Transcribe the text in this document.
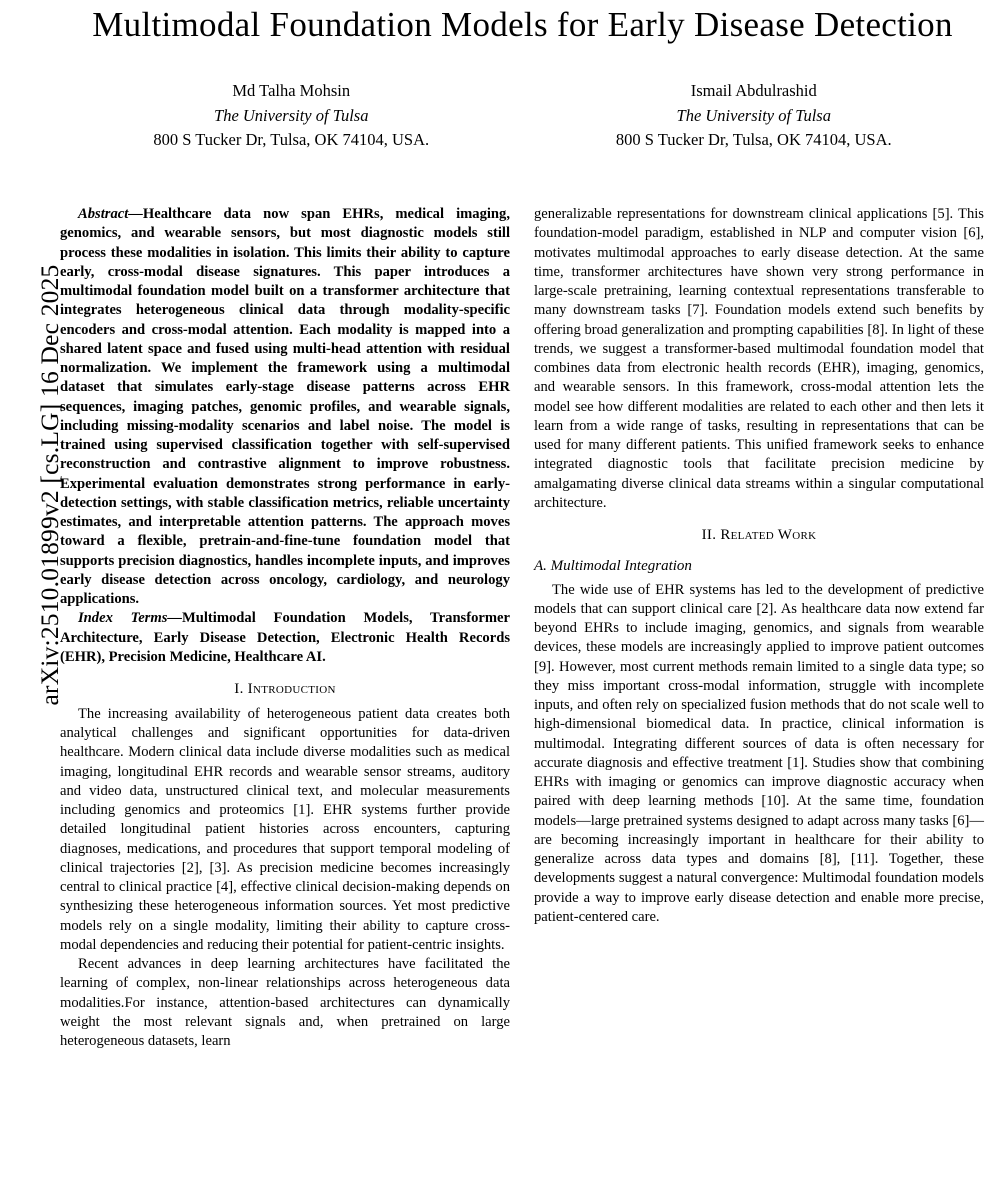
arXiv:2510.01899v2 [cs.LG] 16 Dec 2025
Multimodal Foundation Models for Early Disease Detection
Md Talha Mohsin
The University of Tulsa
800 S Tucker Dr, Tulsa, OK 74104, USA.
Ismail Abdulrashid
The University of Tulsa
800 S Tucker Dr, Tulsa, OK 74104, USA.

Abstract—Healthcare data now span EHRs, medical imaging, genomics, and wearable sensors, but most diagnostic models still process these modalities in isolation. This limits their ability to capture early, cross-modal disease signatures. This paper introduces a multimodal foundation model built on a transformer architecture that integrates heterogeneous clinical data through modality-specific encoders and cross-modal attention. Each modality is mapped into a shared latent space and fused using multi-head attention with residual normalization. We implement the framework using a multimodal dataset that simulates early-stage disease patterns across EHR sequences, imaging patches, genomic profiles, and wearable signals, including missing-modality scenarios and label noise. The model is trained using supervised classification together with self-supervised reconstruction and contrastive alignment to improve robustness. Experimental evaluation demonstrates strong performance in early-detection settings, with stable classification metrics, reliable uncertainty estimates, and interpretable attention patterns. The approach moves toward a flexible, pretrain-and-fine-tune foundation model that supports precision diagnostics, handles incomplete inputs, and improves early disease detection across oncology, cardiology, and neurology applications.

Index Terms—Multimodal Foundation Models, Transformer Architecture, Early Disease Detection, Electronic Health Records (EHR), Precision Medicine, Healthcare AI.

I. Introduction

The increasing availability of heterogeneous patient data creates both analytical challenges and significant opportunities for data-driven healthcare. Modern clinical data include diverse modalities such as medical imaging, longitudinal EHR records and wearable sensor streams, auditory and video data, unstructured clinical text, and molecular measurements including genomics and proteomics [1]. EHR systems further provide detailed longitudinal patient histories across encounters, capturing diagnoses, medications, and procedures that support temporal modeling of clinical trajectories [2], [3]. As precision medicine becomes increasingly central to clinical practice [4], effective clinical decision-making depends on synthesizing these heterogeneous information sources. Yet most predictive models rely on a single modality, limiting their ability to capture cross-modal dependencies and reducing their potential for patient-centric insights.

Recent advances in deep learning architectures have facilitated the learning of complex, non-linear relationships across heterogeneous data modalities.For instance, attention-based architectures can dynamically weight the most relevant signals and, when pretrained on large heterogeneous datasets, learn

generalizable representations for downstream clinical applications [5]. This foundation-model paradigm, established in NLP and computer vision [6], motivates multimodal approaches to early disease detection. At the same time, transformer architectures have shown very strong performance in large-scale pretraining, learning contextual representations transferable to many downstream tasks [7]. Foundation models extend such benefits by offering broad generalization and prompting capabilities [8]. In light of these trends, we suggest a transformer-based multimodal foundation model that combines data from electronic health records (EHR), imaging, genomics, and wearable sensors. In this framework, cross-modal attention lets the model see how different modalities are related to each other and then lets it learn from a wide range of tasks, resulting in representations that can be used for many different patients. This unified framework seeks to enhance integrated diagnostic tools that facilitate precision medicine by amalgamating diverse clinical data streams within a singular computational architecture.

II. Related Work
A. Multimodal Integration

The wide use of EHR systems has led to the development of predictive models that can support clinical care [2]. As healthcare data now extend far beyond EHRs to include imaging, genomics, and signals from wearable devices, these models are increasingly applied to improve patient outcomes [9]. However, most current methods remain limited to a single data type; so they miss important cross-modal information, struggle with incomplete inputs, and often rely on specialized fusion methods that do not scale well to high-dimensional biomedical data. In practice, clinical information is multimodal. Integrating different sources of data is often necessary for accurate diagnosis and effective treatment [1]. Studies show that combining EHRs with imaging or genomics can improve diagnostic accuracy when paired with deep learning methods [10]. At the same time, foundation models—large pretrained systems designed to adapt across many tasks [6]—are becoming increasingly important in healthcare for their ability to generalize across data types and domains [8], [11]. Together, these developments suggest a natural convergence: Multimodal foundation models provide a way to improve early disease detection and enable more precise, patient-centered care.
